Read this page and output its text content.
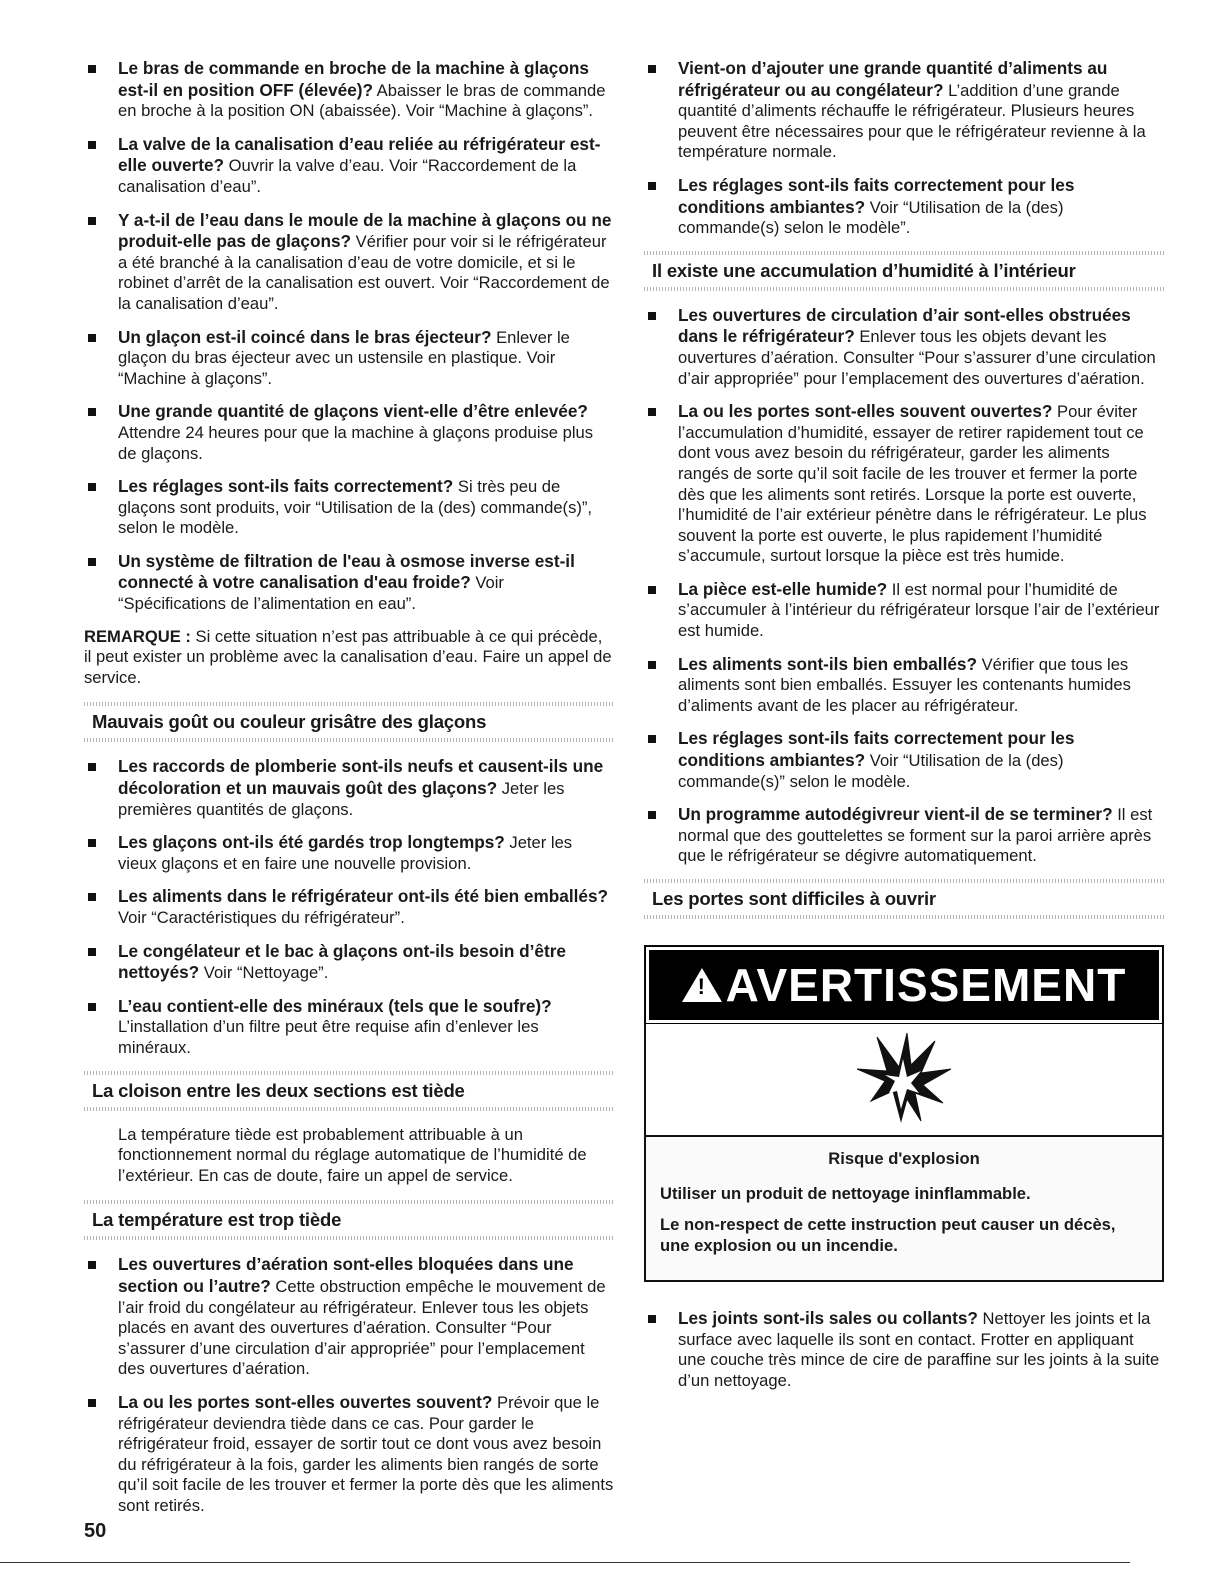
Le bras de commande en broche de la machine à glaçons est-il en position OFF (élevée)? Abaisser le bras de commande en broche à la position ON (abaissée). Voir “Machine à glaçons”.
La valve de la canalisation d’eau reliée au réfrigérateur est-elle ouverte? Ouvrir la valve d’eau. Voir “Raccordement de la canalisation d’eau”.
Y a-t-il de l’eau dans le moule de la machine à glaçons ou ne produit-elle pas de glaçons? Vérifier pour voir si le réfrigérateur a été branché à la canalisation d’eau de votre domicile, et si le robinet d’arrêt de la canalisation est ouvert. Voir “Raccordement de la canalisation d’eau”.
Un glaçon est-il coincé dans le bras éjecteur? Enlever le glaçon du bras éjecteur avec un ustensile en plastique. Voir “Machine à glaçons”.
Une grande quantité de glaçons vient-elle d’être enlevée? Attendre 24 heures pour que la machine à glaçons produise plus de glaçons.
Les réglages sont-ils faits correctement? Si très peu de glaçons sont produits, voir “Utilisation de la (des) commande(s)”, selon le modèle.
Un système de filtration de l'eau à osmose inverse est-il connecté à votre canalisation d'eau froide? Voir “Spécifications de l’alimentation en eau”.
REMARQUE : Si cette situation n’est pas attribuable à ce qui précède, il peut exister un problème avec la canalisation d’eau. Faire un appel de service.
Mauvais goût ou couleur grisâtre des glaçons
Les raccords de plomberie sont-ils neufs et causent-ils une décoloration et un mauvais goût des glaçons? Jeter les premières quantités de glaçons.
Les glaçons ont-ils été gardés trop longtemps? Jeter les vieux glaçons et en faire une nouvelle provision.
Les aliments dans le réfrigérateur ont-ils été bien emballés? Voir “Caractéristiques du réfrigérateur”.
Le congélateur et le bac à glaçons ont-ils besoin d’être nettoyés? Voir “Nettoyage”.
L’eau contient-elle des minéraux (tels que le soufre)? L’installation d’un filtre peut être requise afin d’enlever les minéraux.
La cloison entre les deux sections est tiède
La température tiède est probablement attribuable à un fonctionnement normal du réglage automatique de l’humidité de l’extérieur. En cas de doute, faire un appel de service.
La température est trop tiède
Les ouvertures d’aération sont-elles bloquées dans une section ou l’autre? Cette obstruction empêche le mouvement de l’air froid du congélateur au réfrigérateur. Enlever tous les objets placés en avant des ouvertures d’aération. Consulter “Pour s’assurer d’une circulation d’air appropriée” pour l’emplacement des ouvertures d’aération.
La ou les portes sont-elles ouvertes souvent? Prévoir que le réfrigérateur deviendra tiède dans ce cas. Pour garder le réfrigérateur froid, essayer de sortir tout ce dont vous avez besoin du réfrigérateur à la fois, garder les aliments bien rangés de sorte qu’il soit facile de les trouver et fermer la porte dès que les aliments sont retirés.
Vient-on d’ajouter une grande quantité d’aliments au réfrigérateur ou au congélateur? L’addition d’une grande quantité d’aliments réchauffe le réfrigérateur. Plusieurs heures peuvent être nécessaires pour que le réfrigérateur revienne à la température normale.
Les réglages sont-ils faits correctement pour les conditions ambiantes? Voir “Utilisation de la (des) commande(s) selon le modèle”.
Il existe une accumulation d’humidité à l’intérieur
Les ouvertures de circulation d’air sont-elles obstruées dans le réfrigérateur? Enlever tous les objets devant les ouvertures d’aération. Consulter “Pour s’assurer d’une circulation d’air appropriée” pour l’emplacement des ouvertures d’aération.
La ou les portes sont-elles souvent ouvertes? Pour éviter l’accumulation d’humidité, essayer de retirer rapidement tout ce dont vous avez besoin du réfrigérateur, garder les aliments rangés de sorte qu’il soit facile de les trouver et fermer la porte dès que les aliments sont retirés. Lorsque la porte est ouverte, l’humidité de l’air extérieur pénètre dans le réfrigérateur. Le plus souvent la porte est ouverte, le plus rapidement l’humidité s’accumule, surtout lorsque la pièce est très humide.
La pièce est-elle humide? Il est normal pour l’humidité de s’accumuler à l’intérieur du réfrigérateur lorsque l’air de l’extérieur est humide.
Les aliments sont-ils bien emballés? Vérifier que tous les aliments sont bien emballés. Essuyer les contenants humides d’aliments avant de les placer au réfrigérateur.
Les réglages sont-ils faits correctement pour les conditions ambiantes? Voir “Utilisation de la (des) commande(s)” selon le modèle.
Un programme autodégivreur vient-il de se terminer? Il est normal que des gouttelettes se forment sur la paroi arrière après que le réfrigérateur se dégivre automatiquement.
Les portes sont difficiles à ouvrir
! AVERTISSEMENT
Risque d'explosion
Utiliser un produit de nettoyage ininflammable.
Le non-respect de cette instruction peut causer un décès, une explosion ou un incendie.
Les joints sont-ils sales ou collants? Nettoyer les joints et la surface avec laquelle ils sont en contact. Frotter en appliquant une couche très mince de cire de paraffine sur les joints à la suite d’un nettoyage.
50
